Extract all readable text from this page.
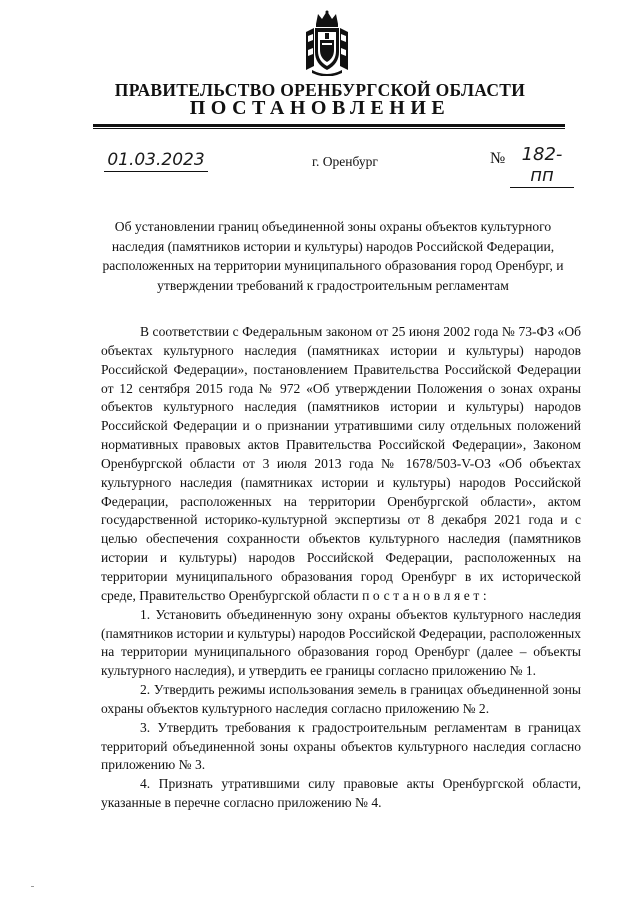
ПРАВИТЕЛЬСТВО ОРЕНБУРГСКОЙ ОБЛАСТИ
ПОСТАНОВЛЕНИЕ
01.03.2023	г. Оренбург	№ 182-пп
Об установлении границ объединенной зоны охраны объектов культурного наследия (памятников истории и культуры) народов Российской Федерации, расположенных на территории муниципального образования город Оренбург, и утверждении требований к градостроительным регламентам

В соответствии с Федеральным законом от 25 июня 2002 года № 73-ФЗ «Об объектах культурного наследия (памятниках истории и культуры) народов Российской Федерации», постановлением Правительства Российской Федерации от 12 сентября 2015 года № 972 «Об утверждении Положения о зонах охраны объектов культурного наследия (памятников истории и культуры) народов Российской Федерации и о признании утратившими силу отдельных положений нормативных правовых актов Правительства Российской Федерации», Законом Оренбургской области от 3 июля 2013 года № 1678/503-V-ОЗ «Об объектах культурного наследия (памятниках истории и культуры) народов Российской Федерации, расположенных на территории Оренбургской области», актом государственной историко-культурной экспертизы от 8 декабря 2021 года и с целью обеспечения сохранности объектов культурного наследия (памятников истории и культуры) народов Российской Федерации, расположенных на территории муниципального образования город Оренбург в их исторической среде, Правительство Оренбургской области постановляет:

1. Установить объединенную зону охраны объектов культурного наследия (памятников истории и культуры) народов Российской Федерации, расположенных на территории муниципального образования город Оренбург (далее – объекты культурного наследия), и утвердить ее границы согласно приложению № 1.

2. Утвердить режимы использования земель в границах объединенной зоны охраны объектов культурного наследия согласно приложению № 2.

3. Утвердить требования к градостроительным регламентам в границах территорий объединенной зоны охраны объектов культурного наследия согласно приложению № 3.

4. Признать утратившими силу правовые акты Оренбургской области, указанные в перечне согласно приложению № 4.
